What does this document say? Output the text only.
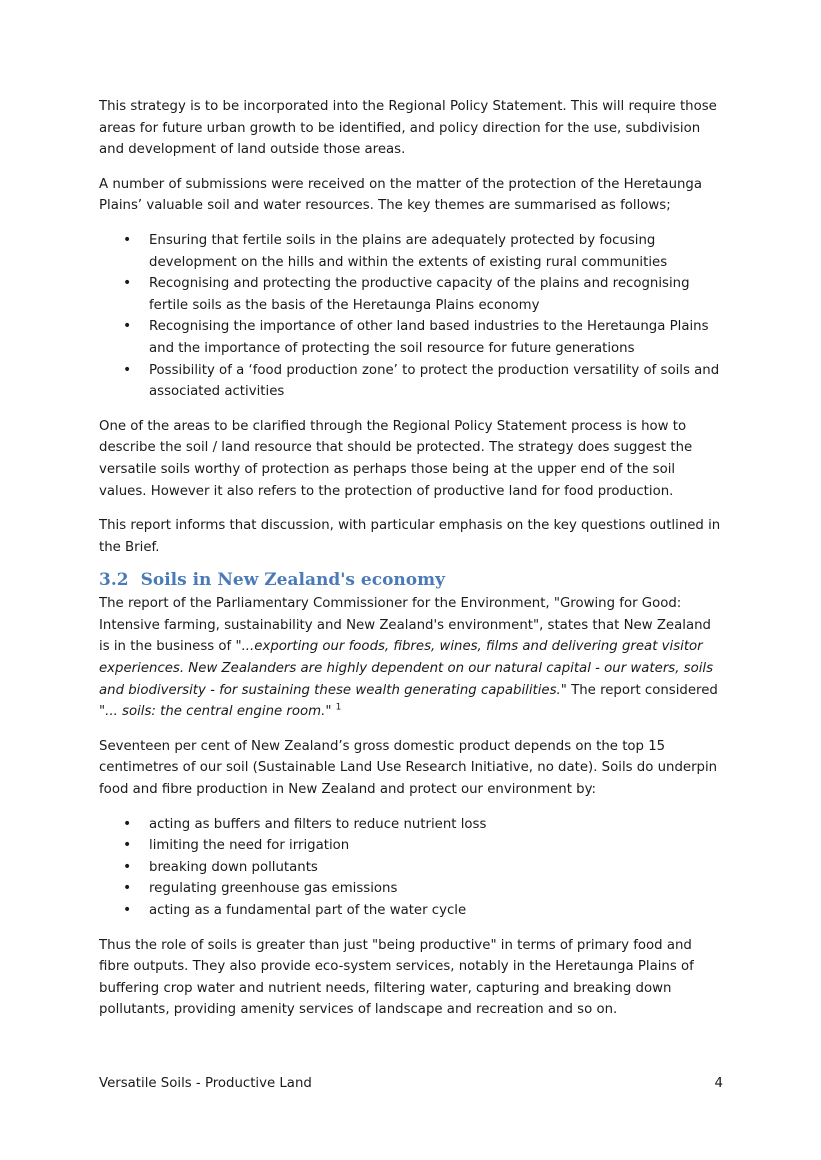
This strategy is to be incorporated into the Regional Policy Statement. This will require those areas for future urban growth to be identified, and policy direction for the use, subdivision and development of land outside those areas.

A number of submissions were received on the matter of the protection of the Heretaunga Plains’ valuable soil and water resources. The key themes are summarised as follows;

• Ensuring that fertile soils in the plains are adequately protected by focusing development on the hills and within the extents of existing rural communities
• Recognising and protecting the productive capacity of the plains and recognising fertile soils as the basis of the Heretaunga Plains economy
• Recognising the importance of other land based industries to the Heretaunga Plains and the importance of protecting the soil resource for future generations
• Possibility of a ‘food production zone’ to protect the production versatility of soils and associated activities

One of the areas to be clarified through the Regional Policy Statement process is how to describe the soil / land resource that should be protected. The strategy does suggest the versatile soils worthy of protection as perhaps those being at the upper end of the soil values. However it also refers to the protection of productive land for food production.

This report informs that discussion, with particular emphasis on the key questions outlined in the Brief.

3.2 Soils in New Zealand's economy

The report of the Parliamentary Commissioner for the Environment, "Growing for Good: Intensive farming, sustainability and New Zealand's environment", states that New Zealand is in the business of "...exporting our foods, fibres, wines, films and delivering great visitor experiences. New Zealanders are highly dependent on our natural capital - our waters, soils and biodiversity - for sustaining these wealth generating capabilities." The report considered "... soils: the central engine room." $^1$

Seventeen per cent of New Zealand’s gross domestic product depends on the top 15 centimetres of our soil (Sustainable Land Use Research Initiative, no date). Soils do underpin food and fibre production in New Zealand and protect our environment by:

• acting as buffers and filters to reduce nutrient loss
• limiting the need for irrigation
• breaking down pollutants
• regulating greenhouse gas emissions
• acting as a fundamental part of the water cycle

Thus the role of soils is greater than just "being productive" in terms of primary food and fibre outputs. They also provide eco-system services, notably in the Heretaunga Plains of buffering crop water and nutrient needs, filtering water, capturing and breaking down pollutants, providing amenity services of landscape and recreation and so on.

Versatile Soils - Productive Land	4
